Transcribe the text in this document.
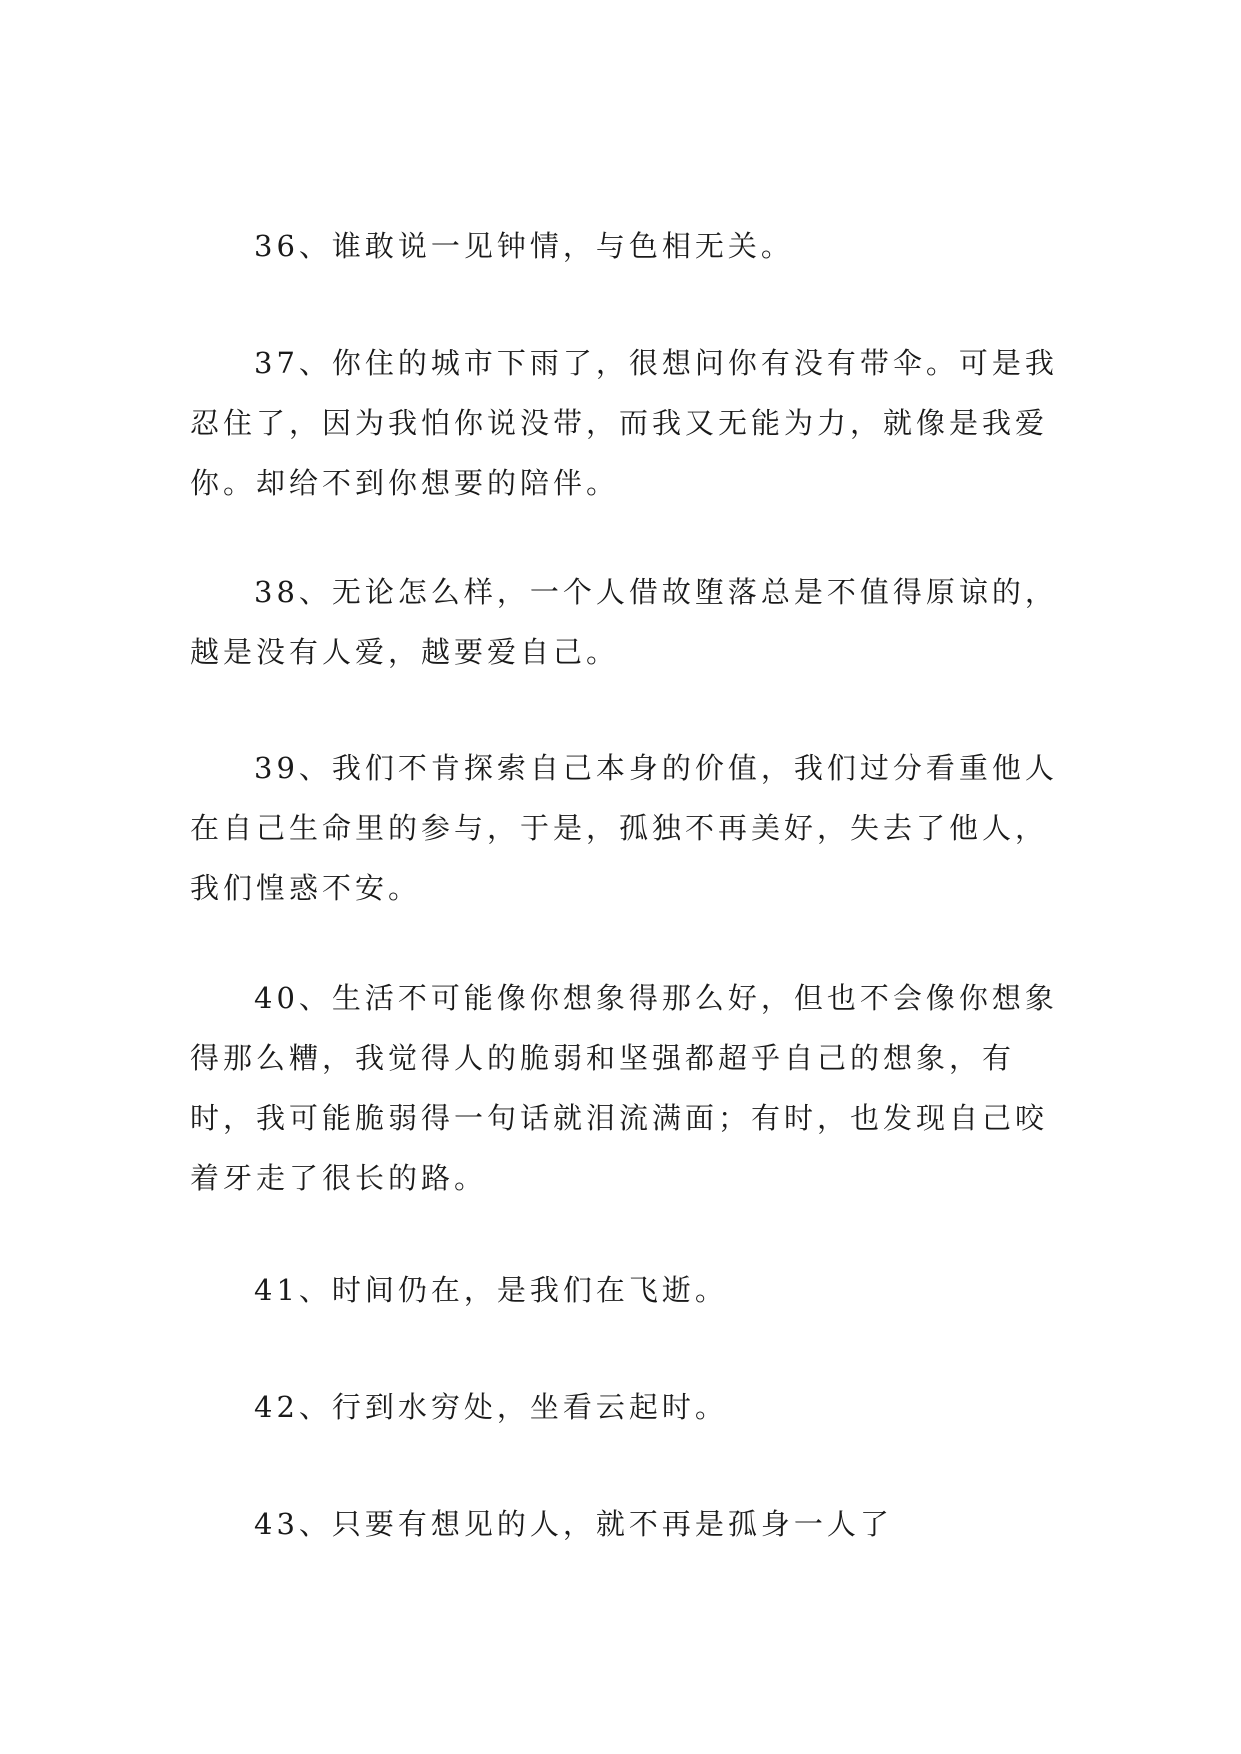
36、谁敢说一见钟情，与色相无关。

37、你住的城市下雨了，很想问你有没有带伞。可是我忍住了，因为我怕你说没带，而我又无能为力，就像是我爱你。却给不到你想要的陪伴。

38、无论怎么样，一个人借故堕落总是不值得原谅的，越是没有人爱，越要爱自己。

39、我们不肯探索自己本身的价值，我们过分看重他人在自己生命里的参与，于是，孤独不再美好，失去了他人，我们惶惑不安。

40、生活不可能像你想象得那么好，但也不会像你想象得那么糟，我觉得人的脆弱和坚强都超乎自己的想象，有时，我可能脆弱得一句话就泪流满面；有时，也发现自己咬着牙走了很长的路。

41、时间仍在，是我们在飞逝。

42、行到水穷处，坐看云起时。

43、只要有想见的人，就不再是孤身一人了
